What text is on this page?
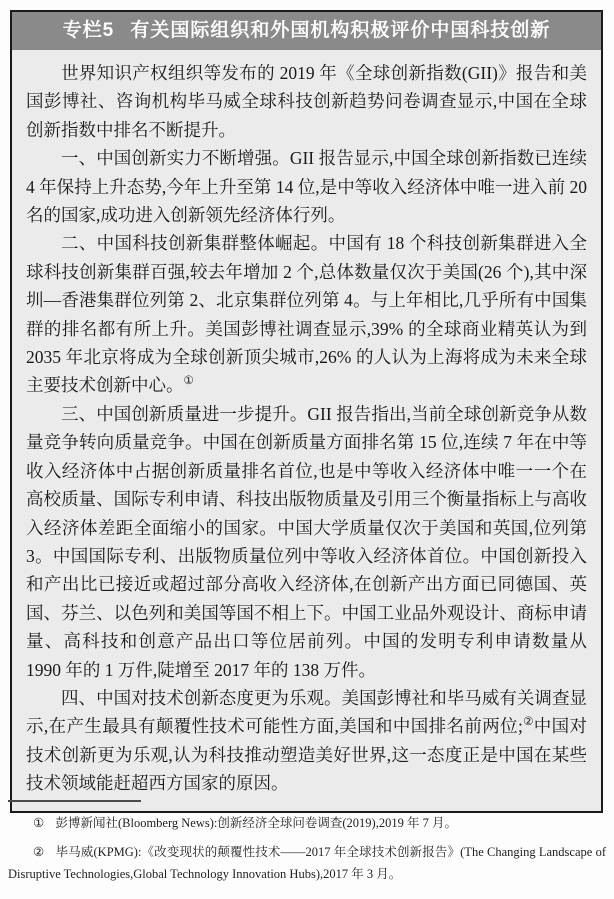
专栏5 有关国际组织和外国机构积极评价中国科技创新

世界知识产权组织等发布的 2019 年《全球创新指数(GII)》报告和美国彭博社、咨询机构毕马威全球科技创新趋势问卷调查显示,中国在全球创新指数中排名不断提升。

一、中国创新实力不断增强。GII 报告显示,中国全球创新指数已连续 4 年保持上升态势,今年上升至第 14 位,是中等收入经济体中唯一进入前 20 名的国家,成功进入创新领先经济体行列。

二、中国科技创新集群整体崛起。中国有 18 个科技创新集群进入全球科技创新集群百强,较去年增加 2 个,总体数量仅次于美国(26 个),其中深圳—香港集群位列第 2、北京集群位列第 4。与上年相比,几乎所有中国集群的排名都有所上升。美国彭博社调查显示,39% 的全球商业精英认为到 2035 年北京将成为全球创新顶尖城市,26% 的人认为上海将成为未来全球主要技术创新中心。①

三、中国创新质量进一步提升。GII 报告指出,当前全球创新竞争从数量竞争转向质量竞争。中国在创新质量方面排名第 15 位,连续 7 年在中等收入经济体中占据创新质量排名首位,也是中等收入经济体中唯一一个在高校质量、国际专利申请、科技出版物质量及引用三个衡量指标上与高收入经济体差距全面缩小的国家。中国大学质量仅次于美国和英国,位列第 3。中国国际专利、出版物质量位列中等收入经济体首位。中国创新投入和产出比已接近或超过部分高收入经济体,在创新产出方面已同德国、英国、芬兰、以色列和美国等国不相上下。中国工业品外观设计、商标申请量、高科技和创意产品出口等位居前列。中国的发明专利申请数量从 1990 年的 1 万件,陡增至 2017 年的 138 万件。

四、中国对技术创新态度更为乐观。美国彭博社和毕马威有关调查显示,在产生最具有颠覆性技术可能性方面,美国和中国排名前两位;②中国对技术创新更为乐观,认为科技推动塑造美好世界,这一态度正是中国在某些技术领域能赶超西方国家的原因。

① 彭博新闻社(Bloomberg News):创新经济全球问卷调查(2019),2019 年 7 月。

② 毕马威(KPMG):《改变现状的颠覆性技术——2017 年全球技术创新报告》(The Changing Landscape of Disruptive Technologies,Global Technology Innovation Hubs),2017 年 3 月。
